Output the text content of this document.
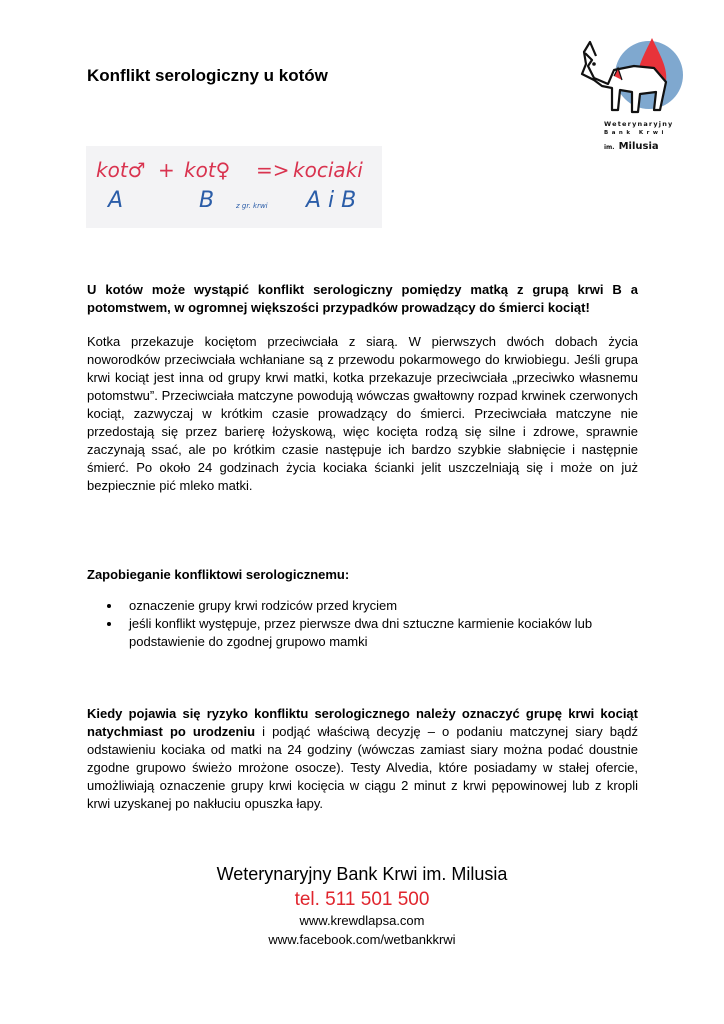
Konflikt serologiczny u kotów
Weterynaryjny
Bank Krwi
im. Milusia
kot♂ + kot♀ => kociaki
A	B	z gr. krwi A i B

U kotów może wystąpić konflikt serologiczny pomiędzy matką z grupą krwi B a potomstwem, w ogromnej większości przypadków prowadzący do śmierci kociąt!

Kotka przekazuje kociętom przeciwciała z siarą. W pierwszych dwóch dobach życia noworodków przeciwciała wchłaniane są z przewodu pokarmowego do krwiobiegu. Jeśli grupa krwi kociąt jest inna od grupy krwi matki, kotka przekazuje przeciwciała „przeciwko własnemu potomstwu”. Przeciwciała matczyne powodują wówczas gwałtowny rozpad krwinek czerwonych kociąt, zazwyczaj w krótkim czasie prowadzący do śmierci. Przeciwciała matczyne nie przedostają się przez barierę łożyskową, więc kocięta rodzą się silne i zdrowe, sprawnie zaczynają ssać, ale po krótkim czasie następuje ich bardzo szybkie słabnięcie i następnie śmierć. Po około 24 godzinach życia kociaka ścianki jelit uszczelniają się i może on już bezpiecznie pić mleko matki.

Zapobieganie konfliktowi serologicznemu:

oznaczenie grupy krwi rodziców przed kryciem
jeśli konflikt występuje, przez pierwsze dwa dni sztuczne karmienie kociaków lub podstawienie do zgodnej grupowo mamki

Kiedy pojawia się ryzyko konfliktu serologicznego należy oznaczyć grupę krwi kociąt natychmiast po urodzeniu i podjąć właściwą decyzję – o podaniu matczynej siary bądź odstawieniu kociaka od matki na 24 godziny (wówczas zamiast siary można podać doustnie zgodne grupowo świeżo mrożone osocze). Testy Alvedia, które posiadamy w stałej ofercie, umożliwiają oznaczenie grupy krwi kocięcia w ciągu 2 minut z krwi pępowinowej lub z kropli krwi uzyskanej po nakłuciu opuszka łapy.

Weterynaryjny Bank Krwi im. Milusia
tel. 511 501 500
www.krewdlapsa.com
www.facebook.com/wetbankkrwi
